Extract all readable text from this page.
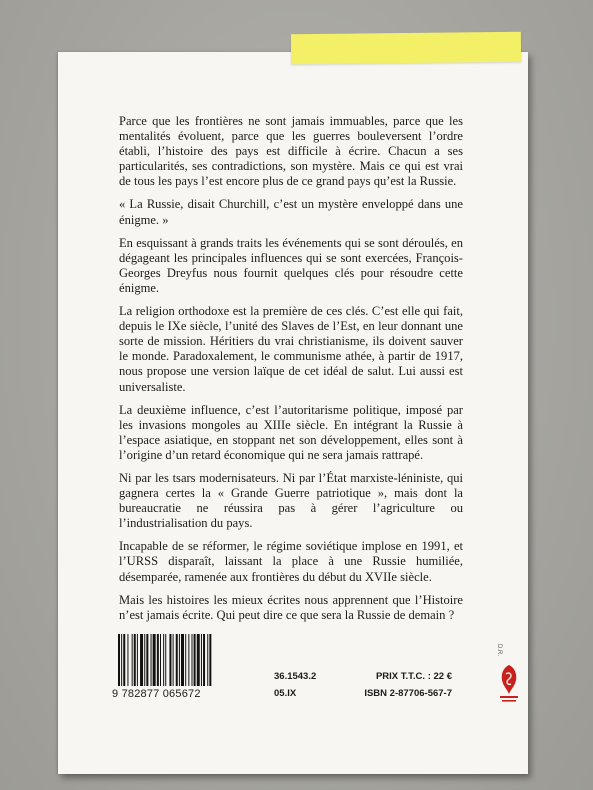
Parce que les frontières ne sont jamais immuables, parce que les mentalités évoluent, parce que les guerres bouleversent l’ordre établi, l’histoire des pays est difficile à écrire. Chacun a ses particularités, ses contradictions, son mystère. Mais ce qui est vrai de tous les pays l’est encore plus de ce grand pays qu’est la Russie.

« La Russie, disait Churchill, c’est un mystère enveloppé dans une énigme. »

En esquissant à grands traits les événements qui se sont déroulés, en dégageant les principales influences qui se sont exercées, François-Georges Dreyfus nous fournit quelques clés pour résoudre cette énigme.

La religion orthodoxe est la première de ces clés. C’est elle qui fait, depuis le IXe siècle, l’unité des Slaves de l’Est, en leur donnant une sorte de mission. Héritiers du vrai christianisme, ils doivent sauver le monde. Paradoxalement, le communisme athée, à partir de 1917, nous propose une version laïque de cet idéal de salut. Lui aussi est universaliste.

La deuxième influence, c’est l’autoritarisme politique, imposé par les invasions mongoles au XIIIe siècle. En intégrant la Russie à l’espace asiatique, en stoppant net son développement, elles sont à l’origine d’un retard économique qui ne sera jamais rattrapé.

Ni par les tsars modernisateurs. Ni par l’État marxiste-léniniste, qui gagnera certes la « Grande Guerre patriotique », mais dont la bureaucratie ne réussira pas à gérer l’agriculture ou l’industrialisation du pays.

Incapable de se réformer, le régime soviétique implose en 1991, et l’URSS disparaît, laissant la place à une Russie humiliée, désemparée, ramenée aux frontières du début du XVIIe siècle.

Mais les histoires les mieux écrites nous apprennent que l’Histoire n’est jamais écrite. Qui peut dire ce que sera la Russie de demain ?

9 782877 065672
36.1543.2
05.IX
PRIX T.T.C. : 22 €
ISBN 2-87706-567-7
D.R.
